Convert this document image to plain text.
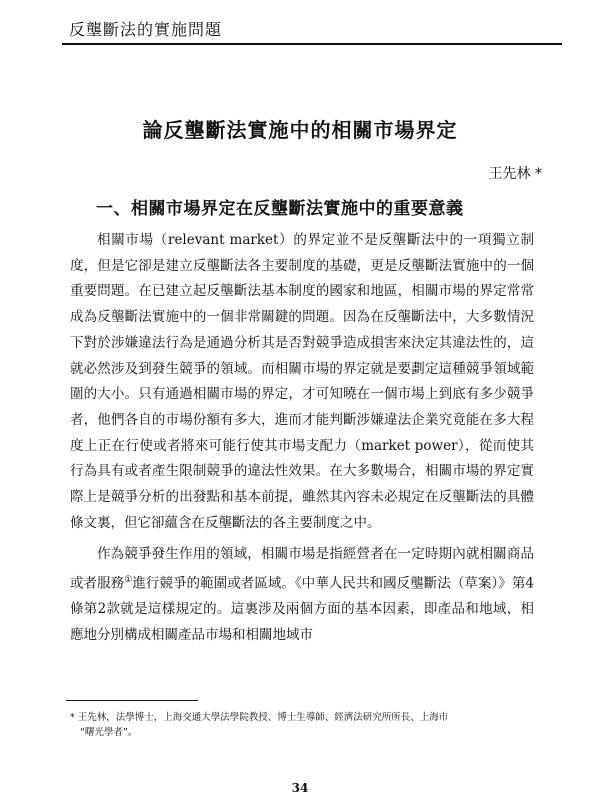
反壟斷法的實施問題
論反壟斷法實施中的相關市場界定
王先林 *
一、相關市場界定在反壟斷法實施中的重要意義

相關市場（relevant market）的界定並不是反壟斷法中的一項獨立制度，但是它卻是建立反壟斷法各主要制度的基礎，更是反壟斷法實施中的一個重要問題。在已建立起反壟斷法基本制度的國家和地區，相關市場的界定常常成為反壟斷法實施中的一個非常關鍵的問題。因為在反壟斷法中，大多數情況下對於涉嫌違法行為是通過分析其是否對競爭造成損害來決定其違法性的，這就必然涉及到發生競爭的領域。而相關市場的界定就是要劃定這種競爭領域範圍的大小。只有通過相關市場的界定，才可知曉在一個市場上到底有多少競爭者，他們各自的市場份額有多大，進而才能判斷涉嫌違法企業究竟能在多大程度上正在行使或者將來可能行使其市場支配力（market power），從而使其行為具有或者產生限制競爭的違法性效果。在大多數場合，相關市場的界定實際上是競爭分析的出發點和基本前提，雖然其內容未必規定在反壟斷法的具體條文裏，但它卻蘊含在反壟斷法的各主要制度之中。

作為競爭發生作用的領域，相關市場是指經營者在一定時期內就相關商品或者服務①進行競爭的範圍或者區域。《中華人民共和國反壟斷法（草案）》第4條第2款就是這樣規定的。這裏涉及兩個方面的基本因素，即產品和地域，相應地分別構成相關產品市場和相關地域市

* 王先林，法學博士，上海交通大學法學院教授、博士生導師、經濟法研究所所長、上海市
“曙光學者”。
34
